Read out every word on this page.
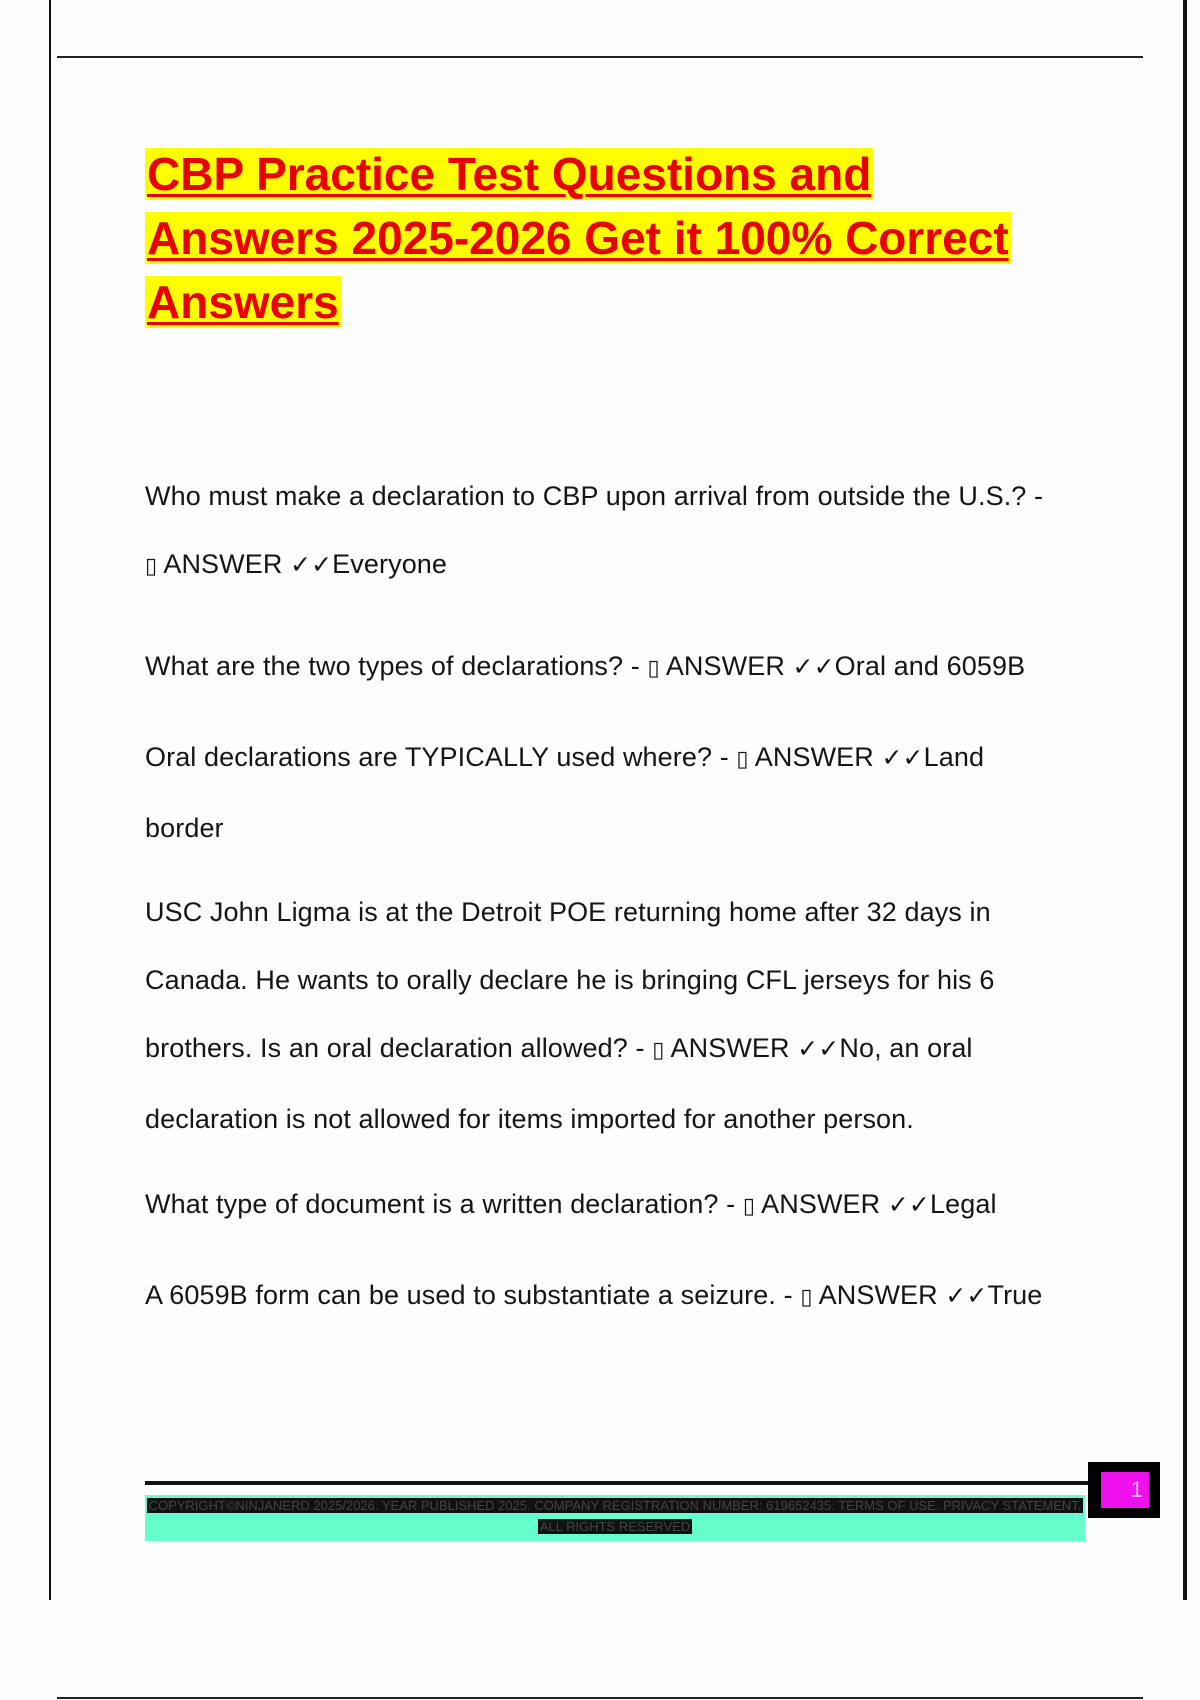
CBP Practice Test Questions and
Answers 2025-2026 Get it 100% Correct
Answers

Who must make a declaration to CBP upon arrival from outside the U.S.? -
▯ ANSWER ✓✓Everyone

What are the two types of declarations? - ▯ ANSWER ✓✓Oral and 6059B

Oral declarations are TYPICALLY used where? - ▯ ANSWER ✓✓Land border

USC John Ligma is at the Detroit POE returning home after 32 days in Canada. He wants to orally declare he is bringing CFL jerseys for his 6 brothers. Is an oral declaration allowed? - ▯ ANSWER ✓✓No, an oral declaration is not allowed for items imported for another person.

What type of document is a written declaration? - ▯ ANSWER ✓✓Legal

A 6059B form can be used to substantiate a seizure. - ▯ ANSWER ✓✓True

COPYRIGHT©NINJANERD 2025/2026. YEAR PUBLISHED 2025. COMPANY REGISTRATION NUMBER: 619652435. TERMS OF USE. PRIVACY STATEMENT. ALL RIGHTS RESERVED
1
